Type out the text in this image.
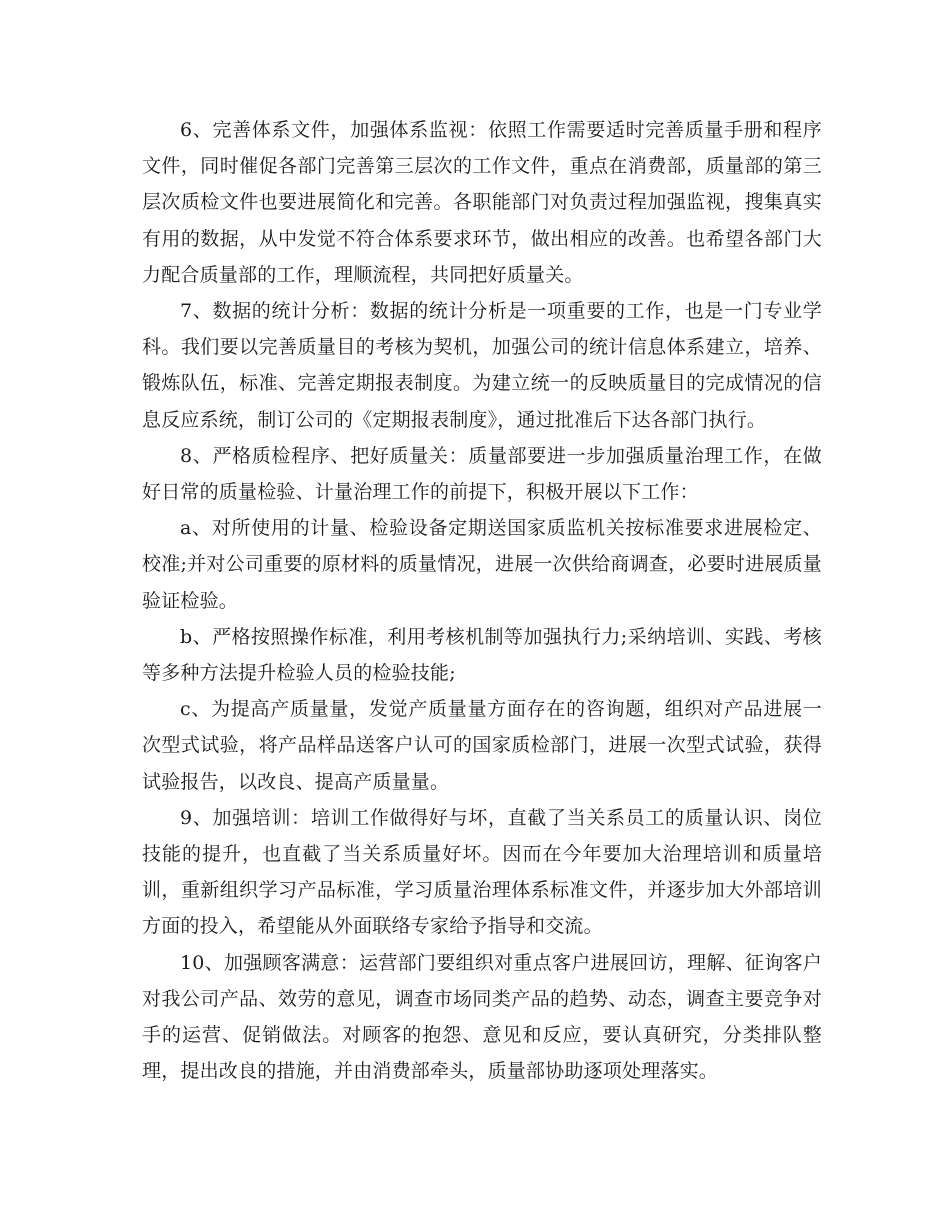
6、完善体系文件，加强体系监视：依照工作需要适时完善质量手册和程序文件，同时催促各部门完善第三层次的工作文件，重点在消费部，质量部的第三层次质检文件也要进展简化和完善。各职能部门对负责过程加强监视，搜集真实有用的数据，从中发觉不符合体系要求环节，做出相应的改善。也希望各部门大力配合质量部的工作，理顺流程，共同把好质量关。

7、数据的统计分析：数据的统计分析是一项重要的工作，也是一门专业学科。我们要以完善质量目的考核为契机，加强公司的统计信息体系建立，培养、锻炼队伍，标准、完善定期报表制度。为建立统一的反映质量目的完成情况的信息反应系统，制订公司的《定期报表制度》，通过批准后下达各部门执行。

8、严格质检程序、把好质量关：质量部要进一步加强质量治理工作，在做好日常的质量检验、计量治理工作的前提下，积极开展以下工作：

a、对所使用的计量、检验设备定期送国家质监机关按标准要求进展检定、校准;并对公司重要的原材料的质量情况，进展一次供给商调查，必要时进展质量验证检验。

b、严格按照操作标准，利用考核机制等加强执行力;采纳培训、实践、考核等多种方法提升检验人员的检验技能;

c、为提高产质量量，发觉产质量量方面存在的咨询题，组织对产品进展一次型式试验，将产品样品送客户认可的国家质检部门，进展一次型式试验，获得试验报告，以改良、提高产质量量。

9、加强培训：培训工作做得好与坏，直截了当关系员工的质量认识、岗位技能的提升，也直截了当关系质量好坏。因而在今年要加大治理培训和质量培训，重新组织学习产品标准，学习质量治理体系标准文件，并逐步加大外部培训方面的投入，希望能从外面联络专家给予指导和交流。

10、加强顾客满意：运营部门要组织对重点客户进展回访，理解、征询客户对我公司产品、效劳的意见，调查市场同类产品的趋势、动态，调查主要竞争对手的运营、促销做法。对顾客的抱怨、意见和反应，要认真研究，分类排队整理，提出改良的措施，并由消费部牵头，质量部协助逐项处理落实。
